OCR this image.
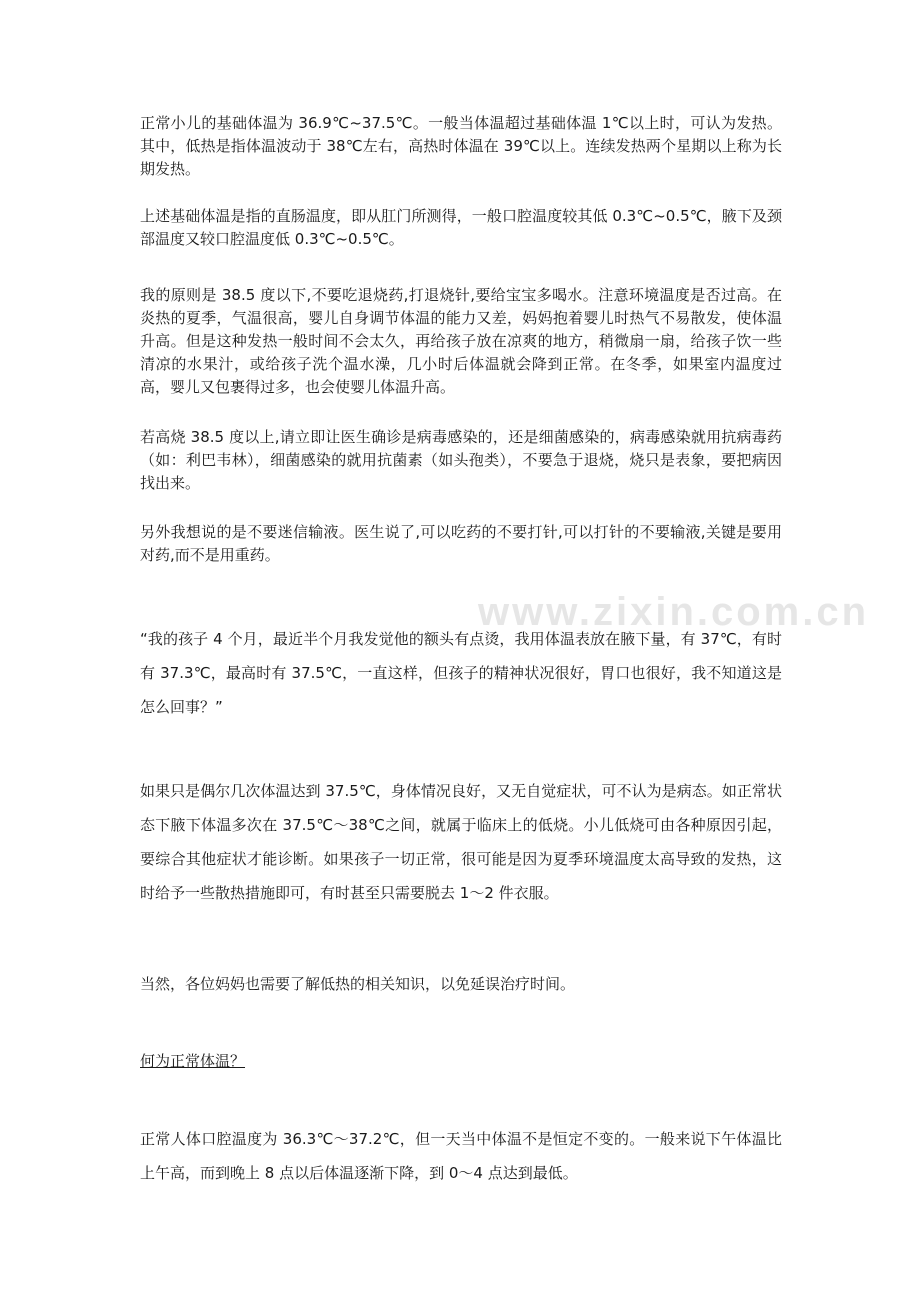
www.zixin.com.cn

正常小儿的基础体温为 36.9℃~37.5℃。一般当体温超过基础体温 1℃以上时，可认为发热。其中，低热是指体温波动于 38℃左右，高热时体温在 39℃以上。连续发热两个星期以上称为长期发热。

上述基础体温是指的直肠温度，即从肛门所测得，一般口腔温度较其低 0.3℃~0.5℃，腋下及颈部温度又较口腔温度低 0.3℃~0.5℃。

我的原则是 38.5 度以下,不要吃退烧药,打退烧针,要给宝宝多喝水。注意环境温度是否过高。在炎热的夏季，气温很高，婴儿自身调节体温的能力又差，妈妈抱着婴儿时热气不易散发，使体温升高。但是这种发热一般时间不会太久，再给孩子放在凉爽的地方，稍微扇一扇，给孩子饮一些清凉的水果汁，或给孩子洗个温水澡，几小时后体温就会降到正常。在冬季，如果室内温度过高，婴儿又包裹得过多，也会使婴儿体温升高。

若高烧 38.5 度以上,请立即让医生确诊是病毒感染的，还是细菌感染的，病毒感染就用抗病毒药（如：利巴韦林），细菌感染的就用抗菌素（如头孢类），不要急于退烧，烧只是表象，要把病因找出来。

另外我想说的是不要迷信输液。医生说了,可以吃药的不要打针,可以打针的不要输液,关键是要用对药,而不是用重药。

“我的孩子 4 个月，最近半个月我发觉他的额头有点烫，我用体温表放在腋下量，有 37℃，有时有 37.3℃，最高时有 37.5℃，一直这样，但孩子的精神状况很好，胃口也很好，我不知道这是怎么回事？”

如果只是偶尔几次体温达到 37.5℃，身体情况良好，又无自觉症状，可不认为是病态。如正常状态下腋下体温多次在 37.5℃～38℃之间，就属于临床上的低烧。小儿低烧可由各种原因引起，要综合其他症状才能诊断。如果孩子一切正常，很可能是因为夏季环境温度太高导致的发热，这时给予一些散热措施即可，有时甚至只需要脱去 1～2 件衣服。

当然，各位妈妈也需要了解低热的相关知识，以免延误治疗时间。

何为正常体温？

正常人体口腔温度为 36.3℃～37.2℃，但一天当中体温不是恒定不变的。一般来说下午体温比上午高，而到晚上 8 点以后体温逐渐下降，到 0～4 点达到最低。
